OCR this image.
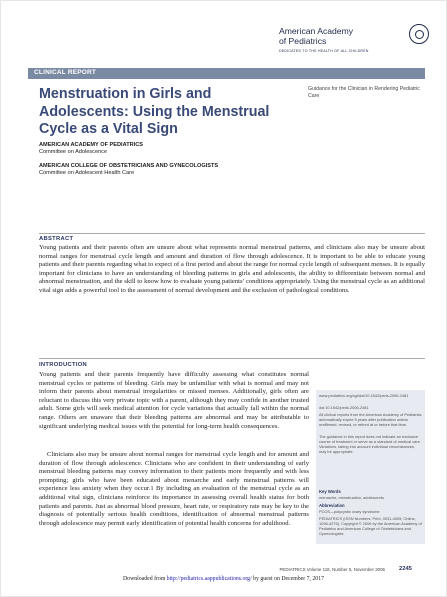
American Academy
of Pediatrics
DEDICATED TO THE HEALTH OF ALL CHILDREN
CLINICAL REPORT
Menstruation in Girls and Adolescents: Using the Menstrual Cycle as a Vital Sign
Guidance for the Clinician in Rendering Pediatric Care
AMERICAN ACADEMY OF PEDIATRICS
Committee on Adolescence
AMERICAN COLLEGE OF OBSTETRICIANS AND GYNECOLOGISTS
Committee on Adolescent Health Care
ABSTRACT

Young patients and their parents often are unsure about what represents normal menstrual patterns, and clinicians also may be unsure about normal ranges for menstrual cycle length and amount and duration of flow through adolescence. It is important to be able to educate young patients and their parents regarding what to expect of a first period and about the range for normal cycle length of subsequent menses. It is equally important for clinicians to have an understanding of bleeding patterns in girls and adolescents, the ability to differentiate between normal and abnormal menstruation, and the skill to know how to evaluate young patients’ conditions appropriately. Using the menstrual cycle as an additional vital sign adds a powerful tool to the assessment of normal development and the exclusion of pathological conditions.

INTRODUCTION

Young patients and their parents frequently have difficulty assessing what constitutes normal menstrual cycles or patterns of bleeding. Girls may be unfamiliar with what is normal and may not inform their parents about menstrual irregularities or missed menses. Additionally, girls often are reluctant to discuss this very private topic with a parent, although they may confide in another trusted adult. Some girls will seek medical attention for cycle variations that actually fall within the normal range. Others are unaware that their bleeding patterns are abnormal and may be attributable to significant underlying medical issues with the potential for long-term health consequences.

Clinicians also may be unsure about normal ranges for menstrual cycle length and for amount and duration of flow through adolescence. Clinicians who are confident in their understanding of early menstrual bleeding patterns may convey information to their patients more frequently and with less prompting; girls who have been educated about menarche and early menstrual patterns will experience less anxiety when they occur.1 By including an evaluation of the menstrual cycle as an additional vital sign, clinicians reinforce its importance in assessing overall health status for both patients and parents. Just as abnormal blood pressure, heart rate, or respiratory rate may be key to the diagnosis of potentially serious health conditions, identification of abnormal menstrual patterns through adolescence may permit early identification of potential health concerns for adulthood.

www.pediatrics.org/cgi/doi/10.1542/peds.2006-2481
doi:10.1542/peds.2006-2481
All clinical reports from the American Academy of Pediatrics automatically expire 5 years after publication unless reaffirmed, revised, or retired at or before that time.
The guidance in this report does not indicate an exclusive course of treatment or serve as a standard of medical care. Variations, taking into account individual circumstances, may be appropriate.
Key Words
menarche, menstruation, adolescents
Abbreviation
PCOS—polycystic ovary syndrome
PEDIATRICS (ISSN Numbers: Print, 0031-4005; Online, 1098-4275). Copyright © 2006 by the American Academy of Pediatrics and American College of Obstetricians and Gynecologists
PEDIATRICS Volume 118, Number 5, November 2006 2245
Downloaded from http://pediatrics.aappublications.org/ by guest on December 7, 2017
